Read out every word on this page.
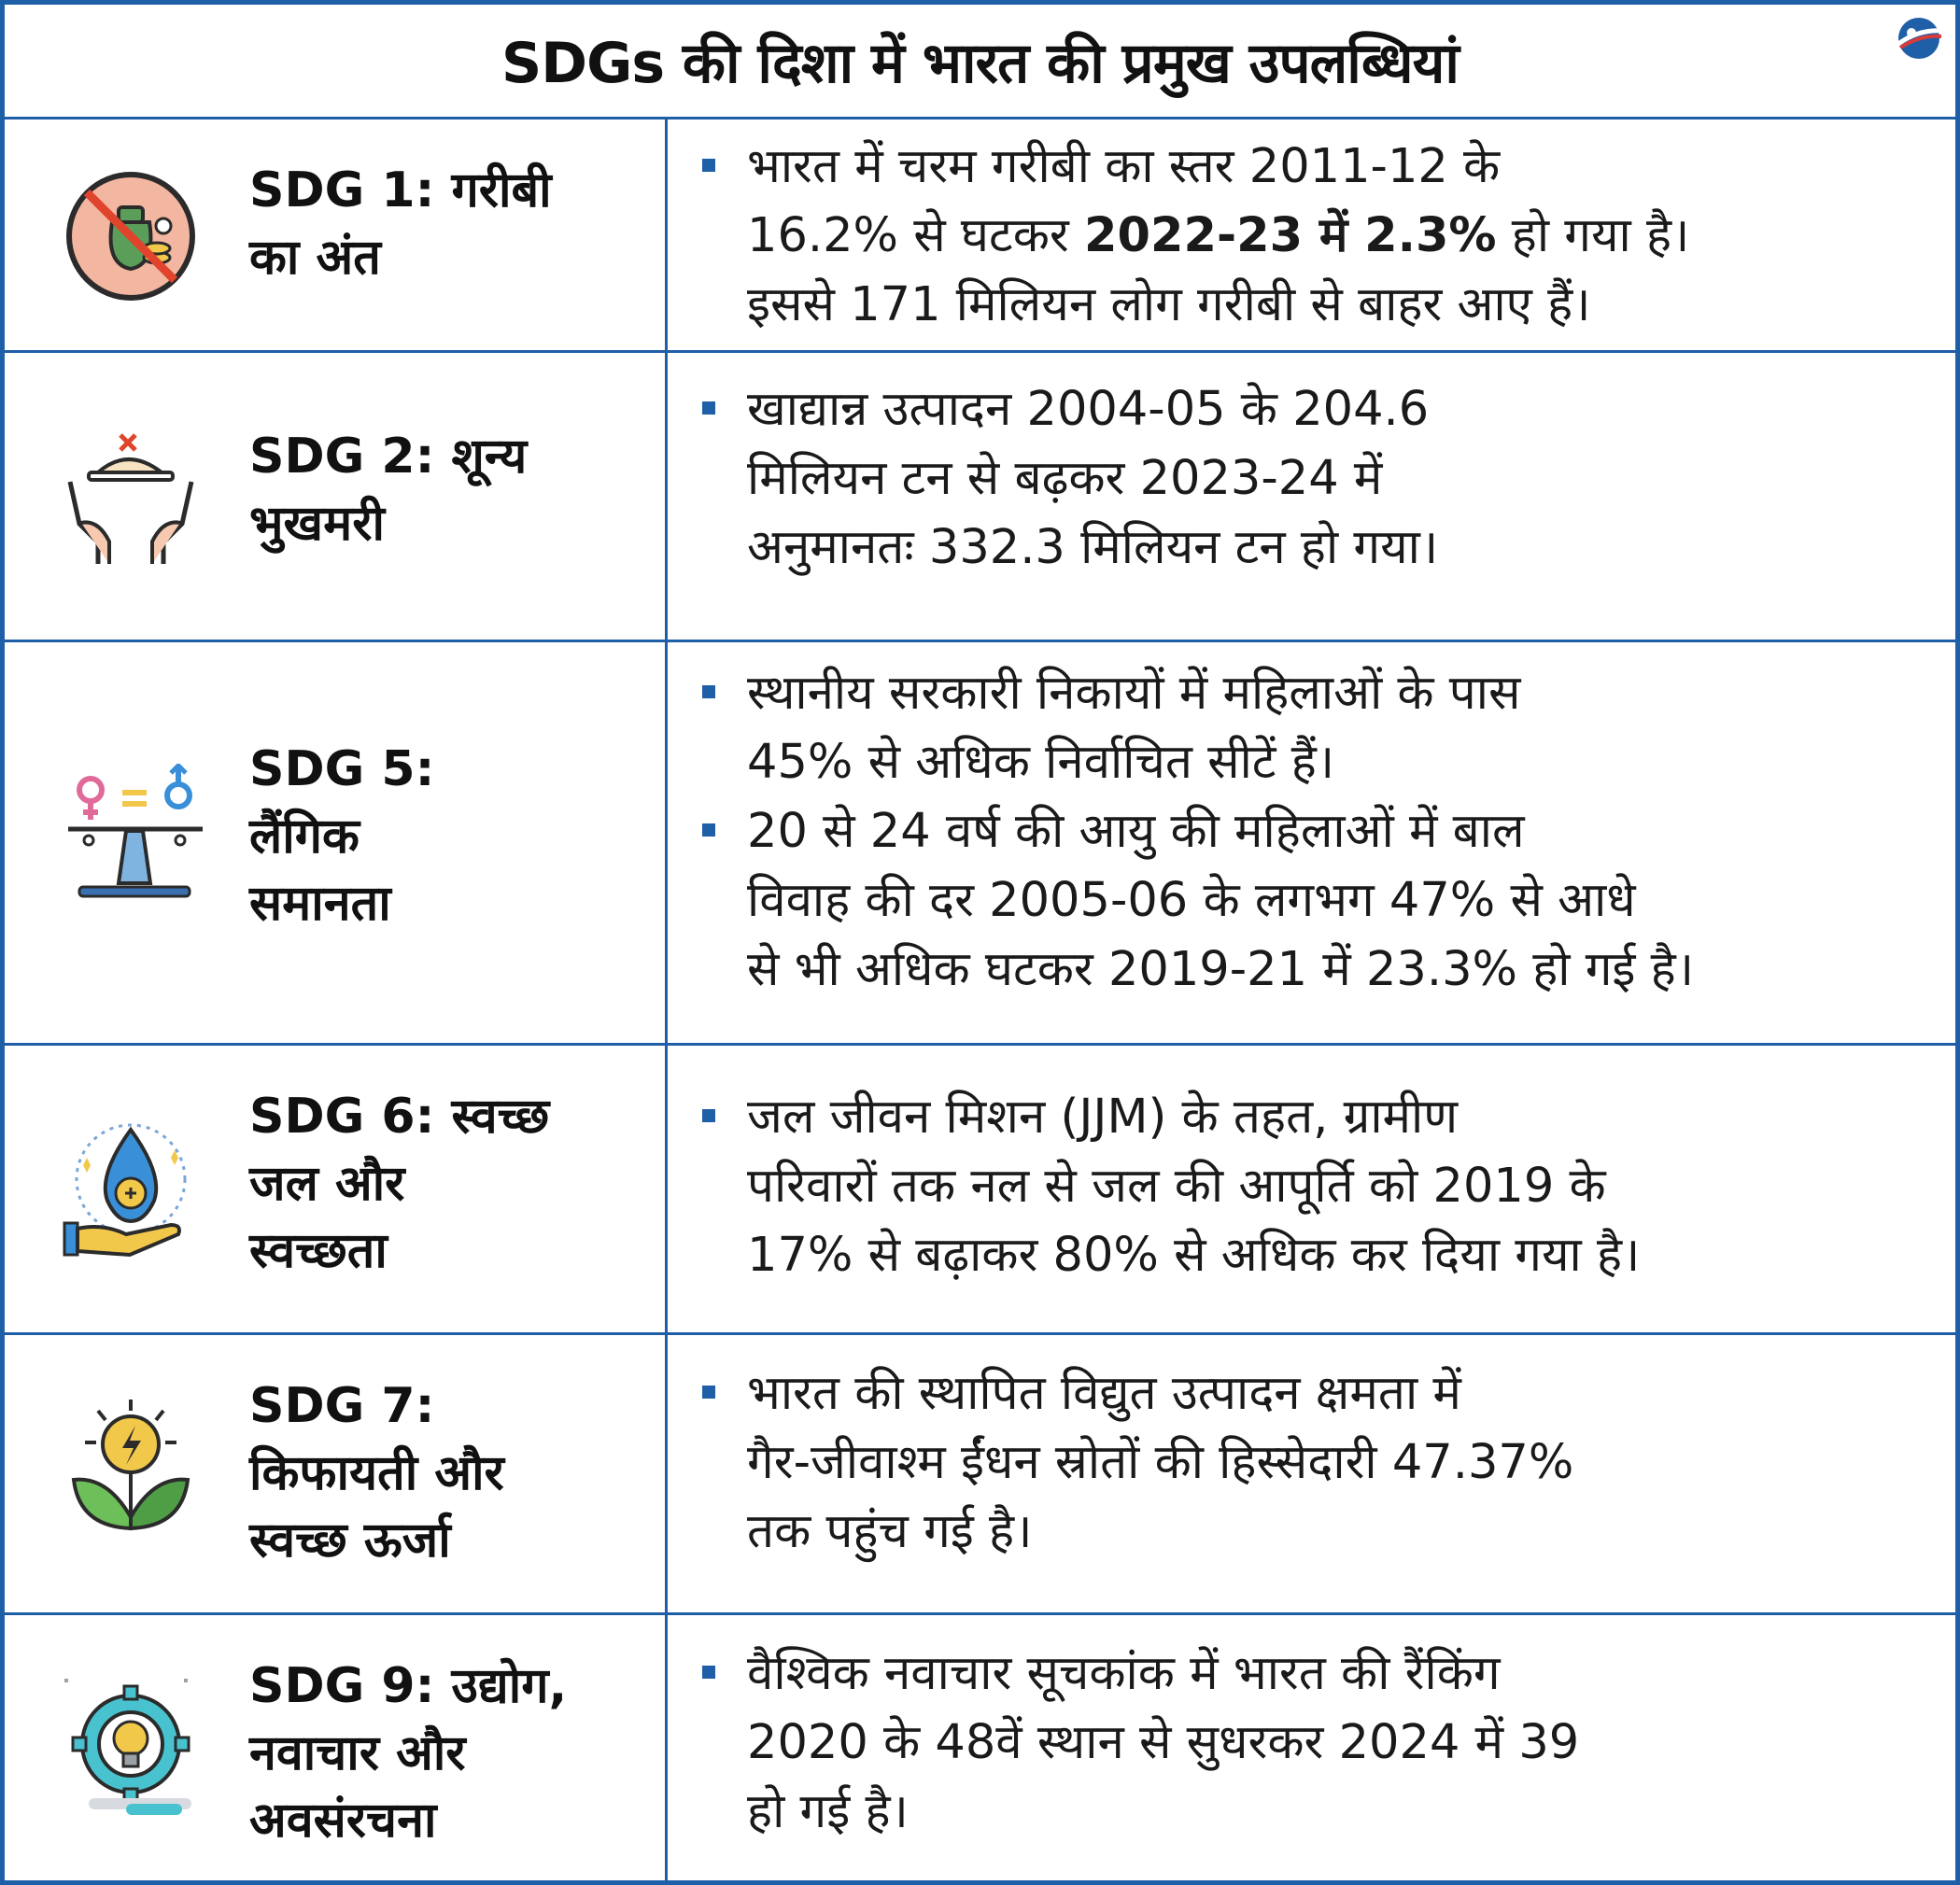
SDGs की दिशा में भारत की प्रमुख उपलब्धियां
SDG 1: गरीबी
का अंत
भारत में चरम गरीबी का स्तर 2011-12 के
16.2% से घटकर 2022-23 में 2.3% हो गया है।
इससे 171 मिलियन लोग गरीबी से बाहर आए हैं।
SDG 2: शून्य
भुखमरी
खाद्यान्न उत्पादन 2004-05 के 204.6
मिलियन टन से बढ़कर 2023-24 में
अनुमानतः 332.3 मिलियन टन हो गया।
SDG 5:
लैंगिक
समानता
स्थानीय सरकारी निकायों में महिलाओं के पास
45% से अधिक निर्वाचित सीटें हैं।
20 से 24 वर्ष की आयु की महिलाओं में बाल
विवाह की दर 2005-06 के लगभग 47% से आधे
से भी अधिक घटकर 2019-21 में 23.3% हो गई है।
SDG 6: स्वच्छ
जल और
स्वच्छता
जल जीवन मिशन (JJM) के तहत, ग्रामीण
परिवारों तक नल से जल की आपूर्ति को 2019 के
17% से बढ़ाकर 80% से अधिक कर दिया गया है।
SDG 7:
किफायती और
स्वच्छ ऊर्जा
भारत की स्थापित विद्युत उत्पादन क्षमता में
गैर-जीवाश्म ईंधन स्रोतों की हिस्सेदारी 47.37%
तक पहुंच गई है।
SDG 9: उद्योग,
नवाचार और
अवसंरचना
वैश्विक नवाचार सूचकांक में भारत की रैंकिंग
2020 के 48वें स्थान से सुधरकर 2024 में 39
हो गई है।
